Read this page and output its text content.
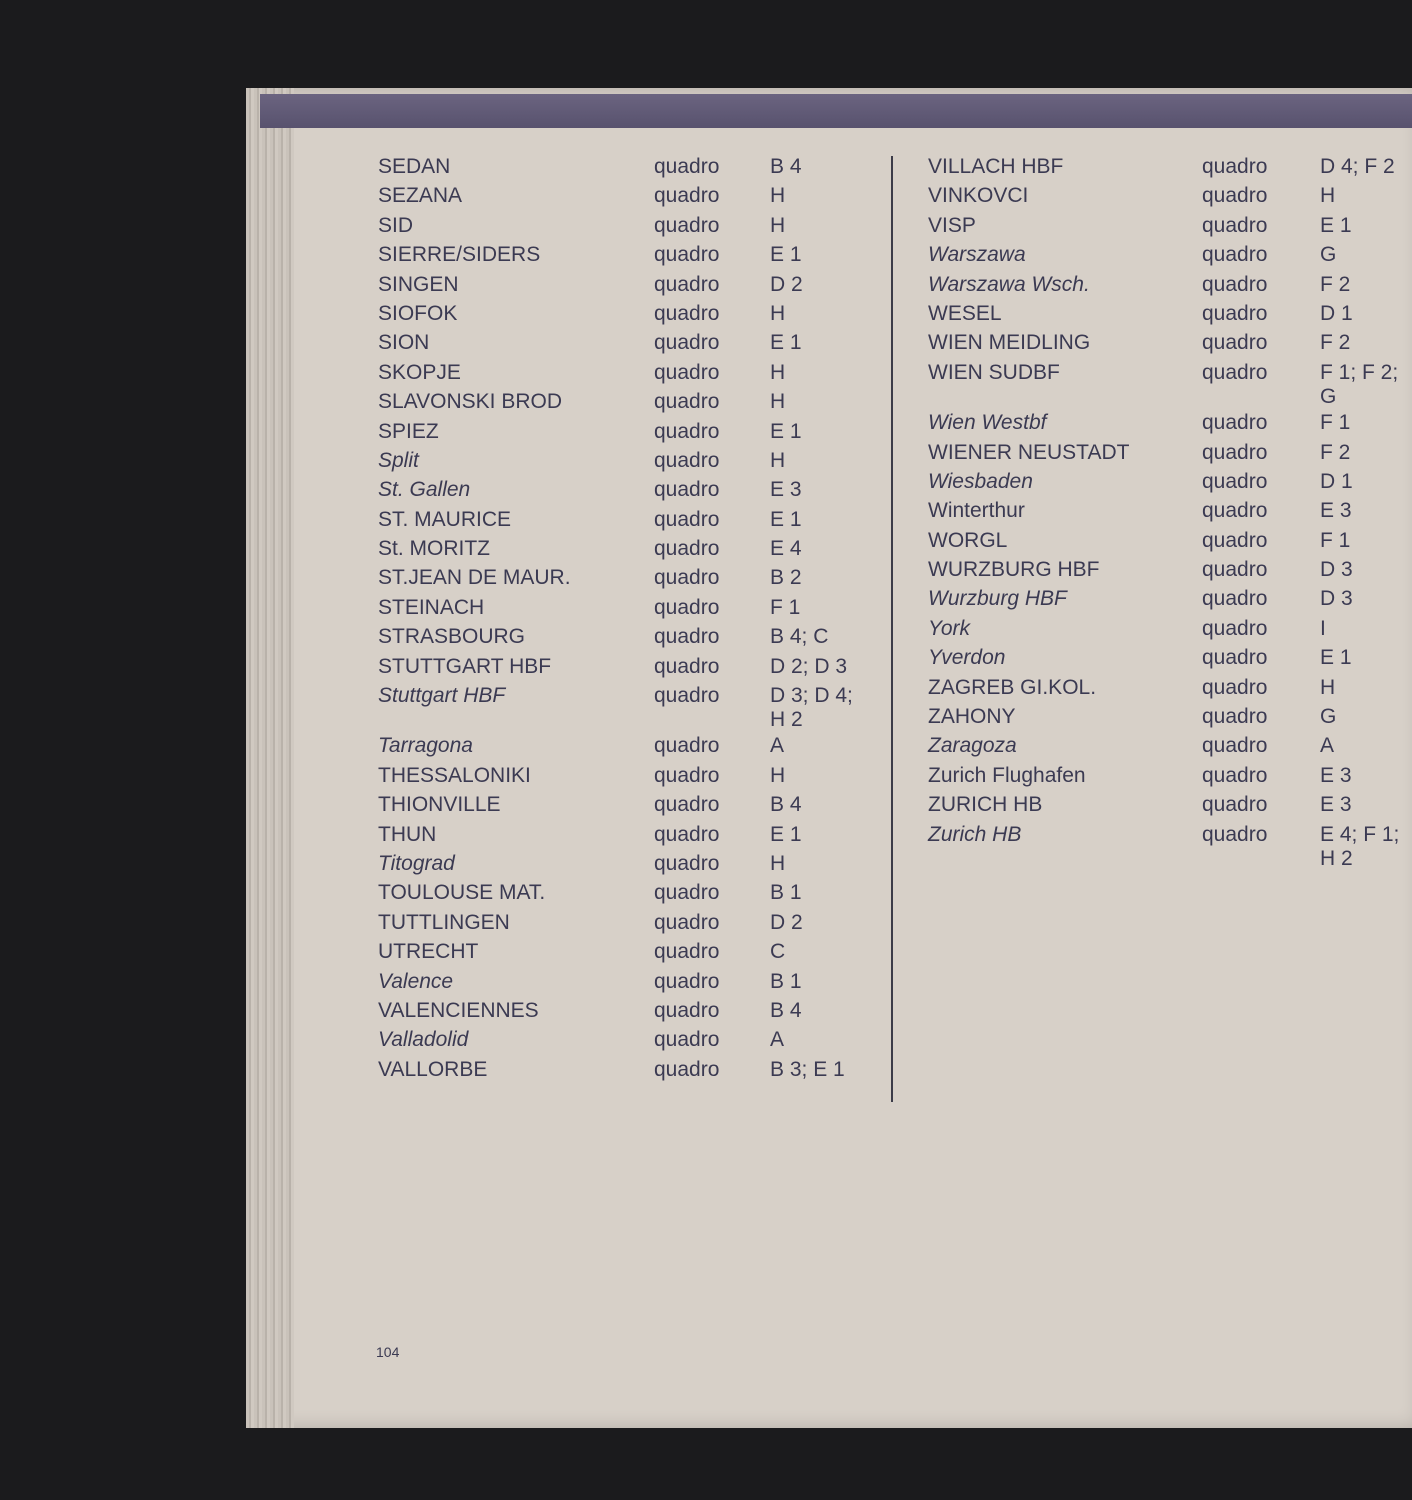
SEDAN	quadro B 4
SEZANA	quadro H
SID	quadro H
SIERRE/SIDERS	quadro E 1
SINGEN	quadro D 2
SIOFOK	quadro H
SION	quadro E 1
SKOPJE	quadro H
SLAVONSKI BROD	quadro H
SPIEZ	quadro E 1
Split	quadro H
St. Gallen	quadro E 3
ST. MAURICE	quadro E 1
St. MORITZ	quadro E 4
ST.JEAN DE MAUR.	quadro B 2
STEINACH	quadro F 1
STRASBOURG	quadro B 4; C
STUTTGART HBF	quadro D 2; D 3
Stuttgart HBF	quadro D 3; D 4;
H 2
Tarragona	quadro A
THESSALONIKI	quadro H
THIONVILLE	quadro B 4
THUN	quadro E 1
Titograd	quadro H
TOULOUSE MAT.	quadro B 1
TUTTLINGEN	quadro D 2
UTRECHT	quadro C
Valence	quadro B 1
VALENCIENNES	quadro B 4
Valladolid	quadro A
VALLORBE	quadro B 3; E 1
VILLACH HBF	quadro	D 4; F 2
VINKOVCI	quadro	H
VISP	quadro	E 1
Warszawa	quadro	G
Warszawa Wsch.	quadro	F 2
WESEL	quadro	D 1
WIEN MEIDLING	quadro	F 2
WIEN SUDBF	quadro	F 1; F 2;
G
Wien Westbf	quadro	F 1
WIENER NEUSTADT	quadro	F 2
Wiesbaden	quadro	D 1
Winterthur	quadro	E 3
WORGL	quadro	F 1
WURZBURG HBF	quadro	D 3
Wurzburg HBF	quadro	D 3
York	quadro	I
Yverdon	quadro	E 1
ZAGREB GI.KOL.	quadro	H
ZAHONY	quadro	G
Zaragoza	quadro	A
Zurich Flughafen	quadro	E 3
ZURICH HB	quadro	E 3
Zurich HB	quadro	E 4; F 1;
H 2
104
